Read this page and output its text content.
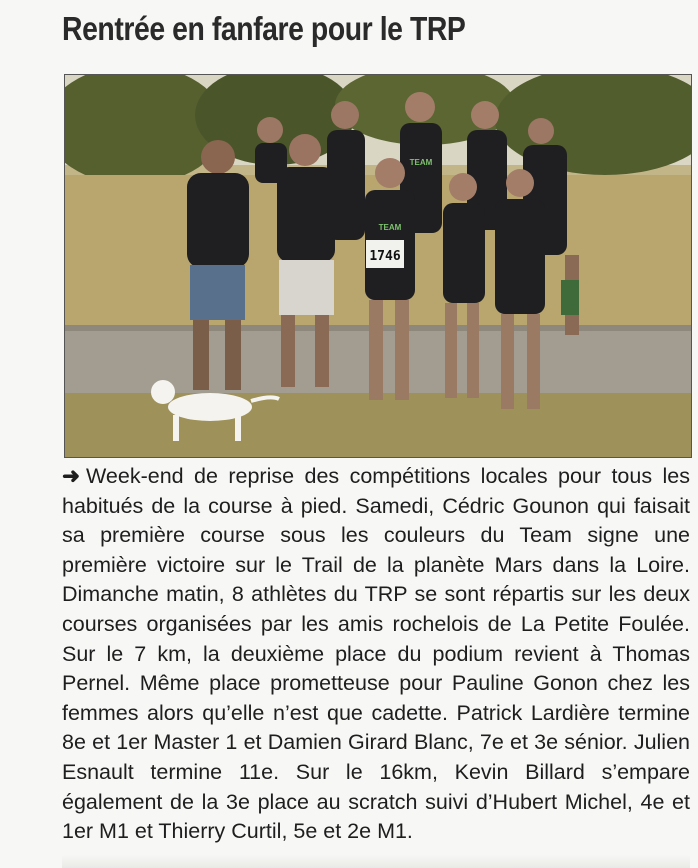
Rentrée en fanfare pour le TRP
1746
TEAM
TEAM

➜ Week-end de reprise des compétitions locales pour tous les habitués de la course à pied. Samedi, Cédric Gounon qui faisait sa première course sous les couleurs du Team signe une première victoire sur le Trail de la planète Mars dans la Loire. Dimanche matin, 8 athlètes du TRP se sont répartis sur les deux courses organisées par les amis rochelois de La Petite Foulée. Sur le 7 km, la deuxième place du podium revient à Thomas Pernel. Même place prometteuse pour Pauline Gonon chez les femmes alors qu’elle n’est que cadette. Patrick Lardière termine 8e et 1er Master 1 et Damien Girard Blanc, 7e et 3e sénior. Julien Esnault termine 11e. Sur le 16km, Kevin Billard s’empare également de la 3e place au scratch suivi d’Hubert Michel, 4e et 1er M1 et Thierry Curtil, 5e et 2e M1.
